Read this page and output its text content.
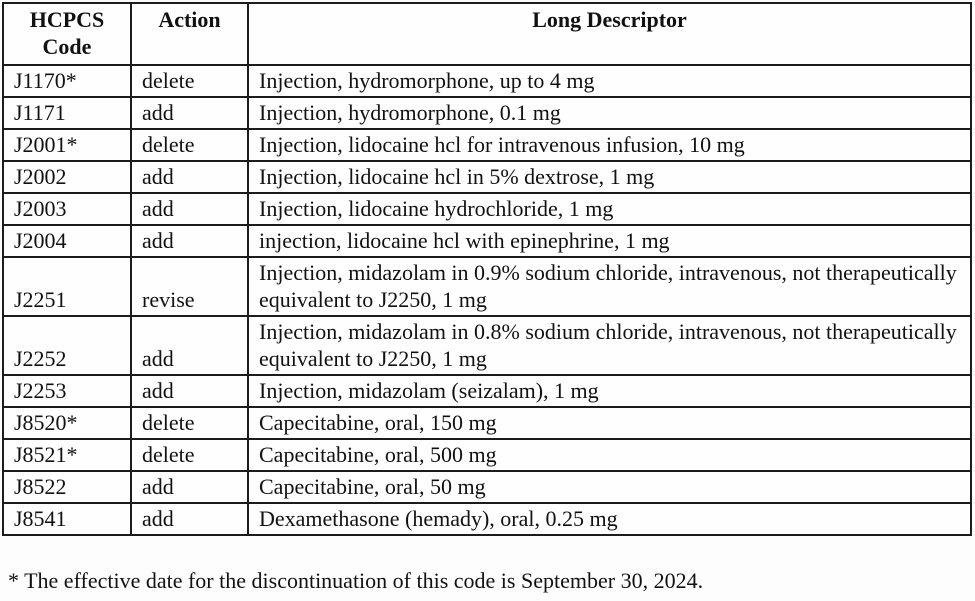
HCPCS Code	Action	Long Descriptor
J1170*	delete	Injection, hydromorphone, up to 4 mg
J1171	add	Injection, hydromorphone, 0.1 mg
J2001*	delete	Injection, lidocaine hcl for intravenous infusion, 10 mg
J2002	add	Injection, lidocaine hcl in 5% dextrose, 1 mg
J2003	add	Injection, lidocaine hydrochloride, 1 mg
J2004	add	injection, lidocaine hcl with epinephrine, 1 mg
J2251	revise	Injection, midazolam in 0.9% sodium chloride, intravenous, not therapeutically equivalent to J2250, 1 mg
J2252	add	Injection, midazolam in 0.8% sodium chloride, intravenous, not therapeutically equivalent to J2250, 1 mg
J2253	add	Injection, midazolam (seizalam), 1 mg
J8520*	delete	Capecitabine, oral, 150 mg
J8521*	delete	Capecitabine, oral, 500 mg
J8522	add	Capecitabine, oral, 50 mg
J8541	add	Dexamethasone (hemady), oral, 0.25 mg

* The effective date for the discontinuation of this code is September 30, 2024.
